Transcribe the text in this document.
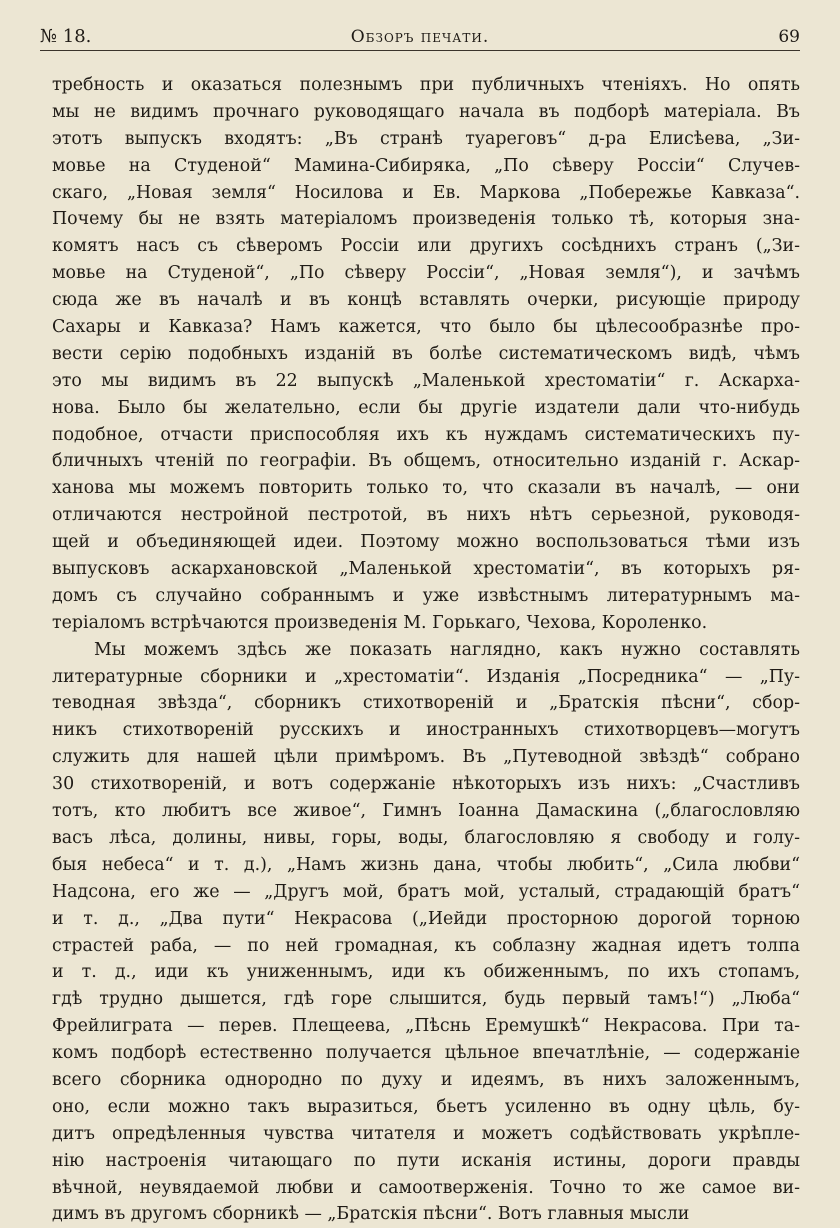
№ 18.	Обзоръ печати.	69
требность и оказаться полезнымъ при публичныхъ чтеніяхъ. Но опять
мы не видимъ прочнаго руководящаго начала въ подборѣ матеріала. Въ
этотъ выпускъ входятъ: „Въ странѣ туареговъ“ д-ра Елисѣева, „Зи-
мовье на Студеной“ Мамина-Сибиряка, „По сѣверу Россіи“ Случев-
скаго, „Новая земля“ Носилова и Ев. Маркова „Побережье Кавказа“.
Почему бы не взять матеріаломъ произведенія только тѣ, которыя зна-
комятъ насъ съ сѣверомъ Россіи или другихъ сосѣднихъ странъ („Зи-
мовье на Студеной“, „По сѣверу Россіи“, „Новая земля“), и зачѣмъ
сюда же въ началѣ и въ концѣ вставлять очерки, рисующіе природу
Сахары и Кавказа? Намъ кажется, что было бы цѣлесообразнѣе про-
вести серію подобныхъ изданій въ болѣе систематическомъ видѣ, чѣмъ
это мы видимъ въ 22 выпускѣ „Маленькой хрестоматіи“ г. Аскарха-
нова. Было бы желательно, если бы другіе издатели дали что-нибудь
подобное, отчасти приспособляя ихъ къ нуждамъ систематическихъ пу-
бличныхъ чтеній по географіи. Въ общемъ, относительно изданій г. Аскар-
ханова мы можемъ повторить только то, что сказали въ началѣ, — они
отличаются нестройной пестротой, въ нихъ нѣтъ серьезной, руководя-
щей и объединяющей идеи. Поэтому можно воспользоваться тѣми изъ
выпусковъ аскархановской „Маленькой хрестоматіи“, въ которыхъ ря-
домъ съ случайно собраннымъ и уже извѣстнымъ литературнымъ ма-
теріаломъ встрѣчаются произведенія М. Горькаго, Чехова, Короленко.
Мы можемъ здѣсь же показать наглядно, какъ нужно составлять
литературные сборники и „хрестоматіи“. Изданія „Посредника“ — „Пу-
теводная звѣзда“, сборникъ стихотвореній и „Братскія пѣсни“, сбор-
никъ стихотвореній русскихъ и иностранныхъ стихотворцевъ—могутъ
служить для нашей цѣли примѣромъ. Въ „Путеводной звѣздѣ“ собрано
30 стихотвореній, и вотъ содержаніе нѣкоторыхъ изъ нихъ: „Счастливъ
тотъ, кто любитъ все живое“, Гимнъ Іоанна Дамаскина („благословляю
васъ лѣса, долины, нивы, горы, воды, благословляю я свободу и голу-
быя небеса“ и т. д.), „Намъ жизнь дана, чтобы любить“, „Сила любви“
Надсона, его же — „Другъ мой, братъ мой, усталый, страдающій братъ“
и т. д., „Два пути“ Некрасова („Иейди просторною дорогой торною
страстей раба, — по ней громадная, къ соблазну жадная идетъ толпа
и т. д., иди къ униженнымъ, иди къ обиженнымъ, по ихъ стопамъ,
гдѣ трудно дышется, гдѣ горе слышится, будь первый тамъ!“) „Люба“
Фрейлиграта — перев. Плещеева, „Пѣснь Еремушкѣ“ Некрасова. При та-
комъ подборѣ естественно получается цѣльное впечатлѣніе, — содержаніе
всего сборника однородно по духу и идеямъ, въ нихъ заложеннымъ,
оно, если можно такъ выразиться, бьетъ усиленно въ одну цѣль, бу-
дитъ опредѣленныя чувства читателя и можетъ содѣйствовать укрѣпле-
нію настроенія читающаго по пути исканія истины, дороги правды
вѣчной, неувядаемой любви и самоотверженія. Точно то же самое ви-
димъ въ другомъ сборникѣ — „Братскія пѣсни“. Вотъ главныя мысли
